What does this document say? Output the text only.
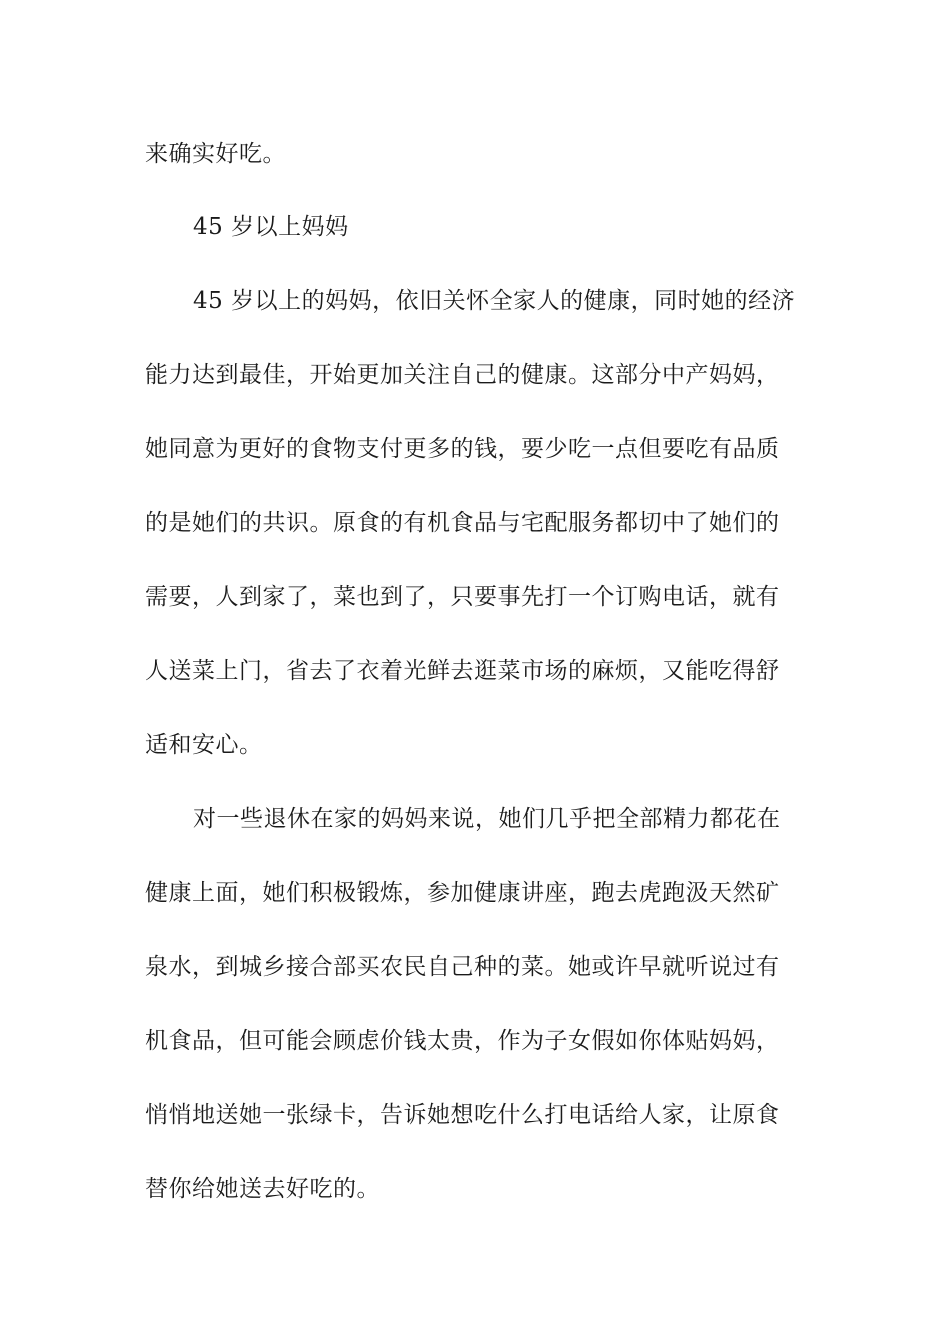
来确实好吃。

45 岁以上妈妈

45 岁以上的妈妈，依旧关怀全家人的健康，同时她的经济

能力达到最佳，开始更加关注自己的健康。这部分中产妈妈，

她同意为更好的食物支付更多的钱，要少吃一点但要吃有品质

的是她们的共识。原食的有机食品与宅配服务都切中了她们的

需要，人到家了，菜也到了，只要事先打一个订购电话，就有

人送菜上门，省去了衣着光鲜去逛菜市场的麻烦，又能吃得舒

适和安心。

对一些退休在家的妈妈来说，她们几乎把全部精力都花在

健康上面，她们积极锻炼，参加健康讲座，跑去虎跑汲天然矿

泉水，到城乡接合部买农民自己种的菜。她或许早就听说过有

机食品，但可能会顾虑价钱太贵，作为子女假如你体贴妈妈，

悄悄地送她一张绿卡，告诉她想吃什么打电话给人家，让原食

替你给她送去好吃的。
